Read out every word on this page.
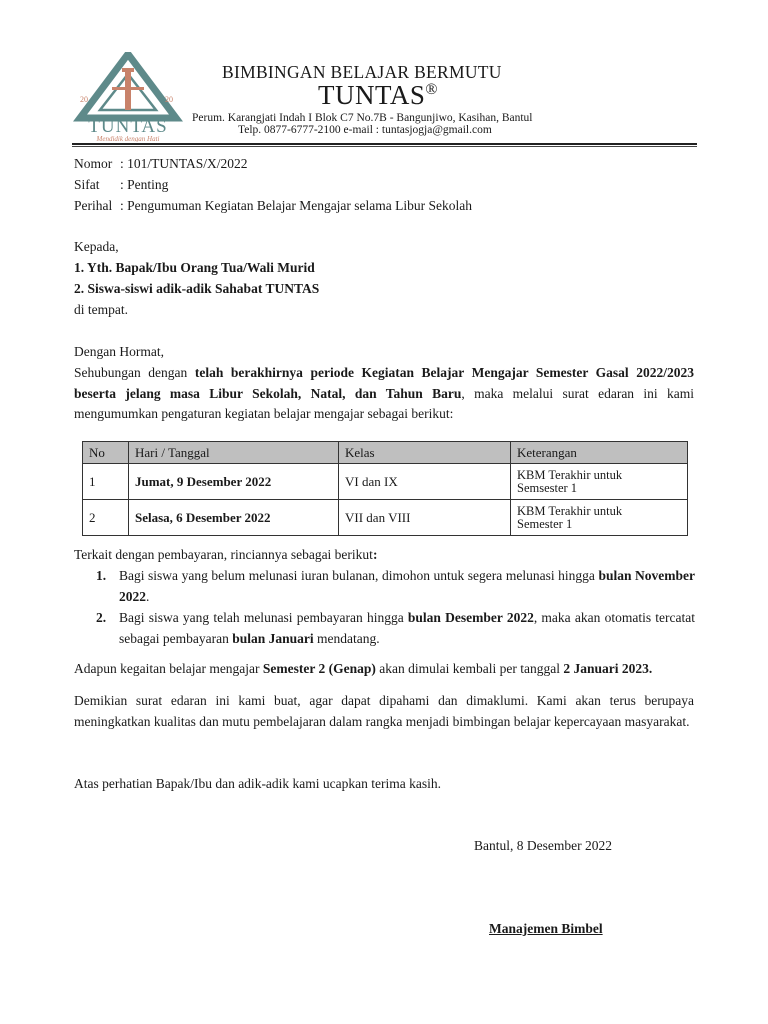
20	20
TUNTAS
Mendidik dengan Hati
BIMBINGAN BELAJAR BERMUTU
TUNTAS®
Perum. Karangjati Indah I Blok C7 No.7B - Bangunjiwo, Kasihan, Bantul
Telp. 0877-6777-2100 e-mail : tuntasjogja@gmail.com
Nomor : 101/TUNTAS/X/2022
Sifat : Penting
Perihal : Pengumuman Kegiatan Belajar Mengajar selama Libur Sekolah
Kepada,
1. Yth. Bapak/Ibu Orang Tua/Wali Murid
2. Siswa-siswi adik-adik Sahabat TUNTAS
di tempat.
Dengan Hormat,
Sehubungan dengan telah berakhirnya periode Kegiatan Belajar Mengajar Semester Gasal 2022/2023 beserta jelang masa Libur Sekolah, Natal, dan Tahun Baru, maka melalui surat edaran ini kami mengumumkan pengaturan kegiatan belajar mengajar sebagai berikut:
No	Hari / Tanggal	Kelas	Keterangan
1	Jumat, 9 Desember 2022	VI dan IX	KBM Terakhir untuk
Semsester 1
2	Selasa, 6 Desember 2022	VII dan VIII	KBM Terakhir untuk
Semester 1
Terkait dengan pembayaran, rinciannya sebagai berikut:
1. Bagi siswa yang belum melunasi iuran bulanan, dimohon untuk segera melunasi hingga bulan November 2022.
2. Bagi siswa yang telah melunasi pembayaran hingga bulan Desember 2022, maka akan otomatis tercatat sebagai pembayaran bulan Januari mendatang.
Adapun kegaitan belajar mengajar Semester 2 (Genap) akan dimulai kembali per tanggal 2 Januari 2023.
Demikian surat edaran ini kami buat, agar dapat dipahami dan dimaklumi. Kami akan terus berupaya meningkatkan kualitas dan mutu pembelajaran dalam rangka menjadi bimbingan belajar kepercayaan masyarakat.
Atas perhatian Bapak/Ibu dan adik-adik kami ucapkan terima kasih.
Bantul, 8 Desember 2022
Manajemen Bimbel
